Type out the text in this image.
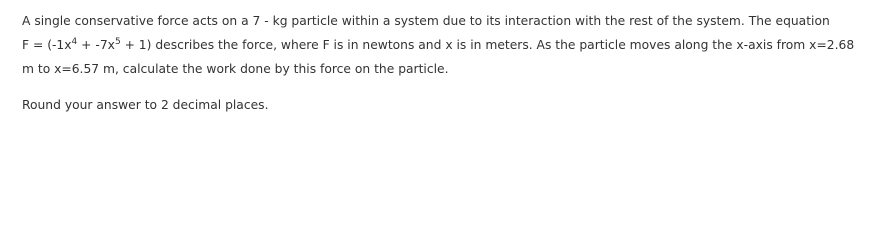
A single conservative force acts on a 7 - kg particle within a system due to its interaction with the rest of the system. The equation

$F = (-1x^4 + -7x^5 + 1)$ describes the force, where F is in newtons and x is in meters. As the particle moves along the x-axis from x=2.68

m to x=6.57 m, calculate the work done by this force on the particle.

Round your answer to 2 decimal places.
